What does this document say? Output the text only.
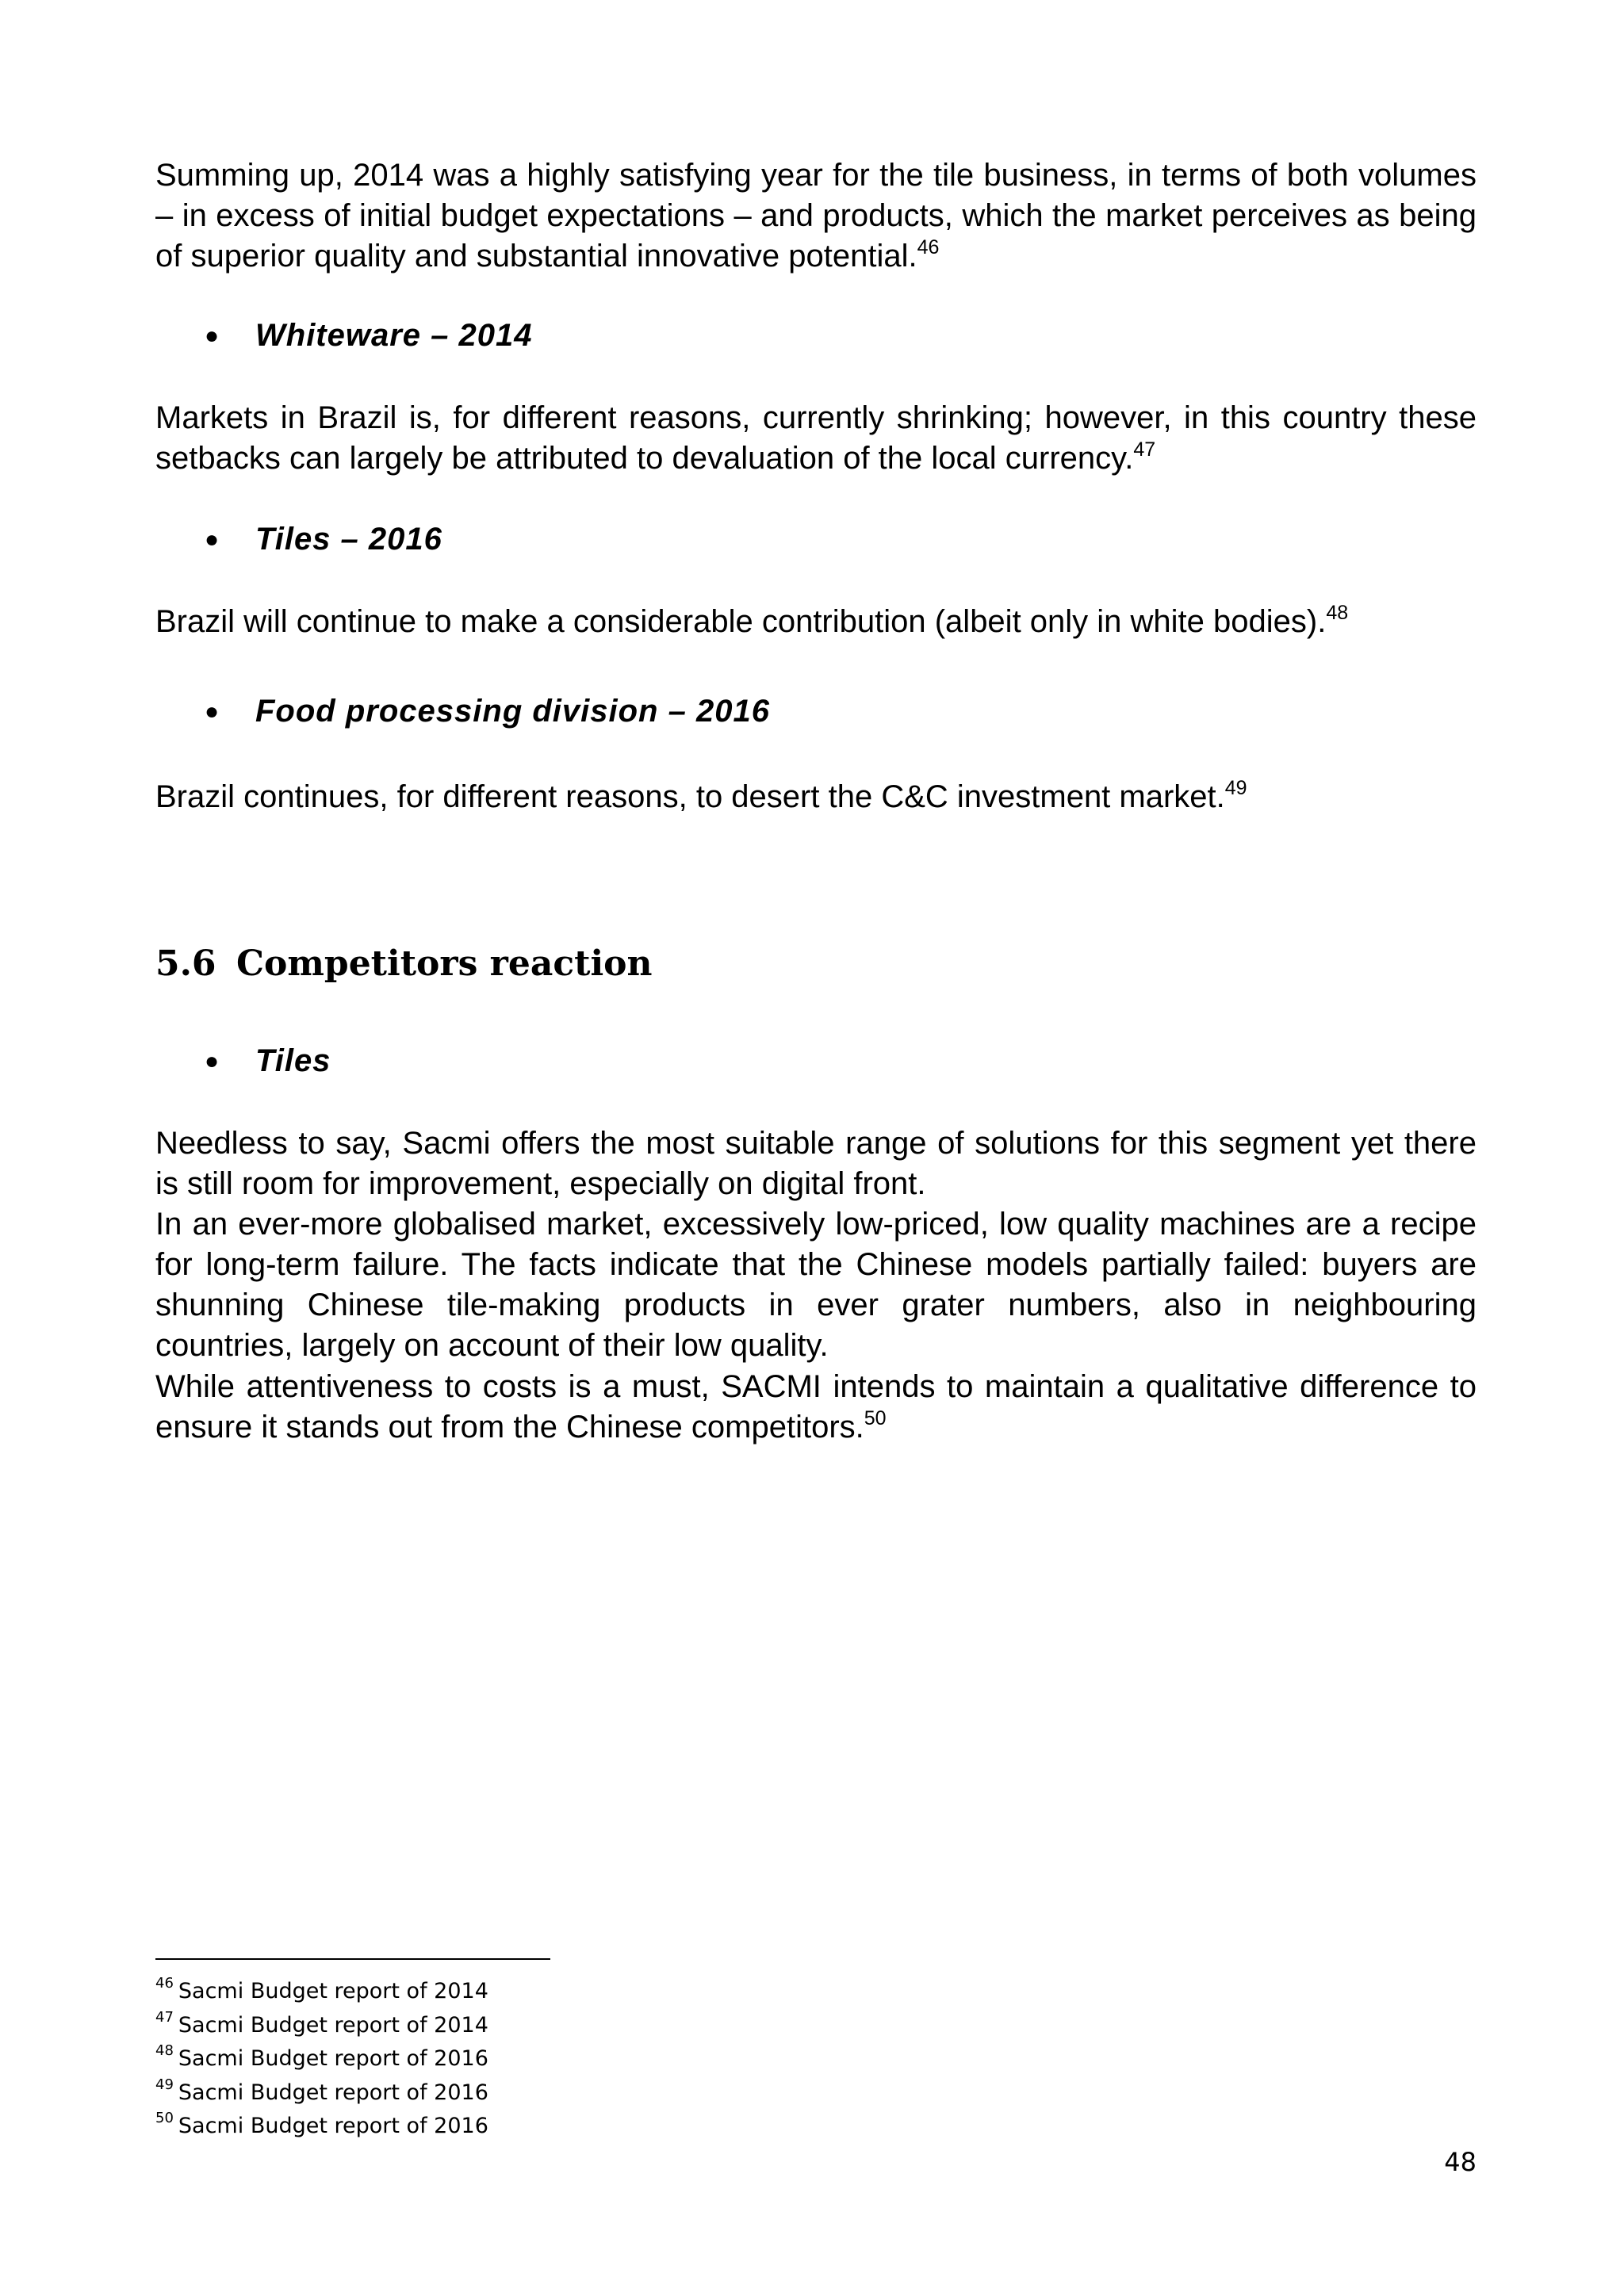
Summing up, 2014 was a highly satisfying year for the tile business, in terms of both volumes – in excess of initial budget expectations – and products, which the market perceives as being of superior quality and substantial innovative potential.$^{46}$

● Whiteware – 2014

Markets in Brazil is, for different reasons, currently shrinking; however, in this country these setbacks can largely be attributed to devaluation of the local currency.$^{47}$

● Tiles – 2016

Brazil will continue to make a considerable contribution (albeit only in white bodies).$^{48}$

● Food processing division – 2016

Brazil continues, for different reasons, to desert the C&C investment market.$^{49}$

5.6 Competitors reaction
● Tiles

Needless to say, Sacmi offers the most suitable range of solutions for this segment yet there is still room for improvement, especially on digital front.

In an ever-more globalised market, excessively low-priced, low quality machines are a recipe for long-term failure. The facts indicate that the Chinese models partially failed: buyers are shunning Chinese tile-making products in ever grater numbers, also in neighbouring countries, largely on account of their low quality.

While attentiveness to costs is a must, SACMI intends to maintain a qualitative difference to ensure it stands out from the Chinese competitors.$^{50}$

$^{46}$ Sacmi Budget report of 2014
$^{47}$ Sacmi Budget report of 2014
$^{48}$ Sacmi Budget report of 2016
$^{49}$ Sacmi Budget report of 2016
$^{50}$ Sacmi Budget report of 2016
48
